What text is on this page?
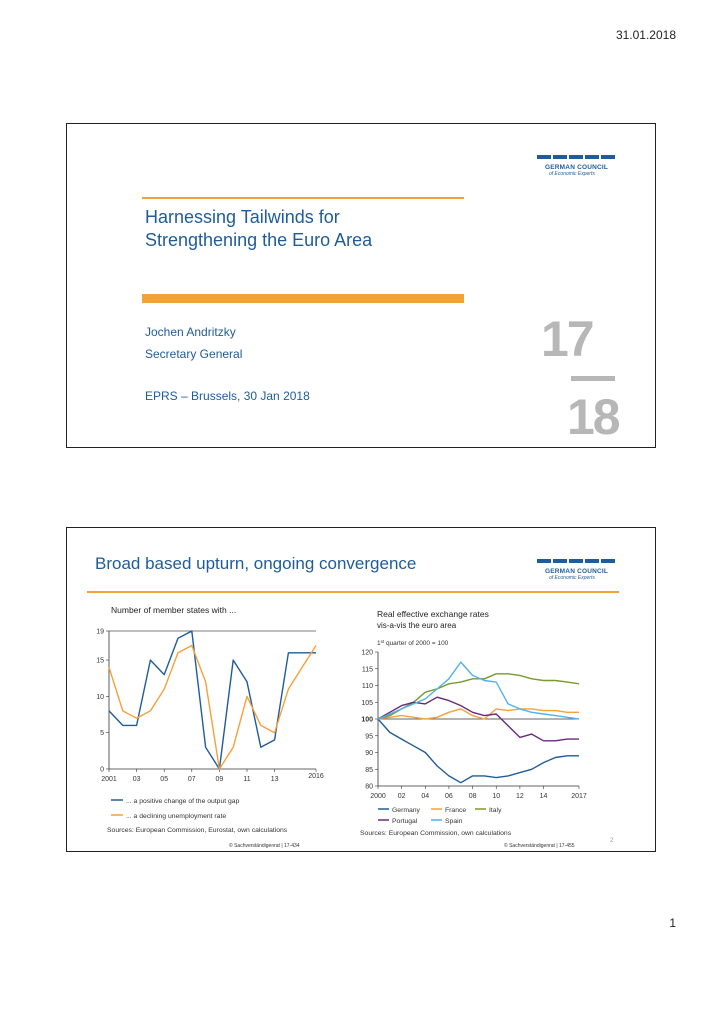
31.01.2018
GERMAN COUNCIL
of Economic Experts
Harnessing Tailwinds for
Strengthening the Euro Area
Jochen Andritzky
Secretary General
EPRS – Brussels, 30 Jan 2018
17
18
Broad based upturn, ongoing convergence	GERMAN COUNCIL
of Economic Experts
Number of member states with ...
0
5
10
15
19
2001 03	05	07	09	11	13	2016
... a positive change of the output gap
... a declining unemployment rate
Sources: European Commission, Eurostat, own calculations
© Sachverständigenrat | 17-434
Real effective exchange rates
vis-a-vis the euro area
1st quarter of 2000 = 100
80
85
90
95
100
105
110
115
120
2000 02 04 06 08 10 12 14	2017
Germany	France	Italy
Portugal	Spain
Sources: European Commission, own calculations
© Sachverständigenrat | 17-455
2
1
